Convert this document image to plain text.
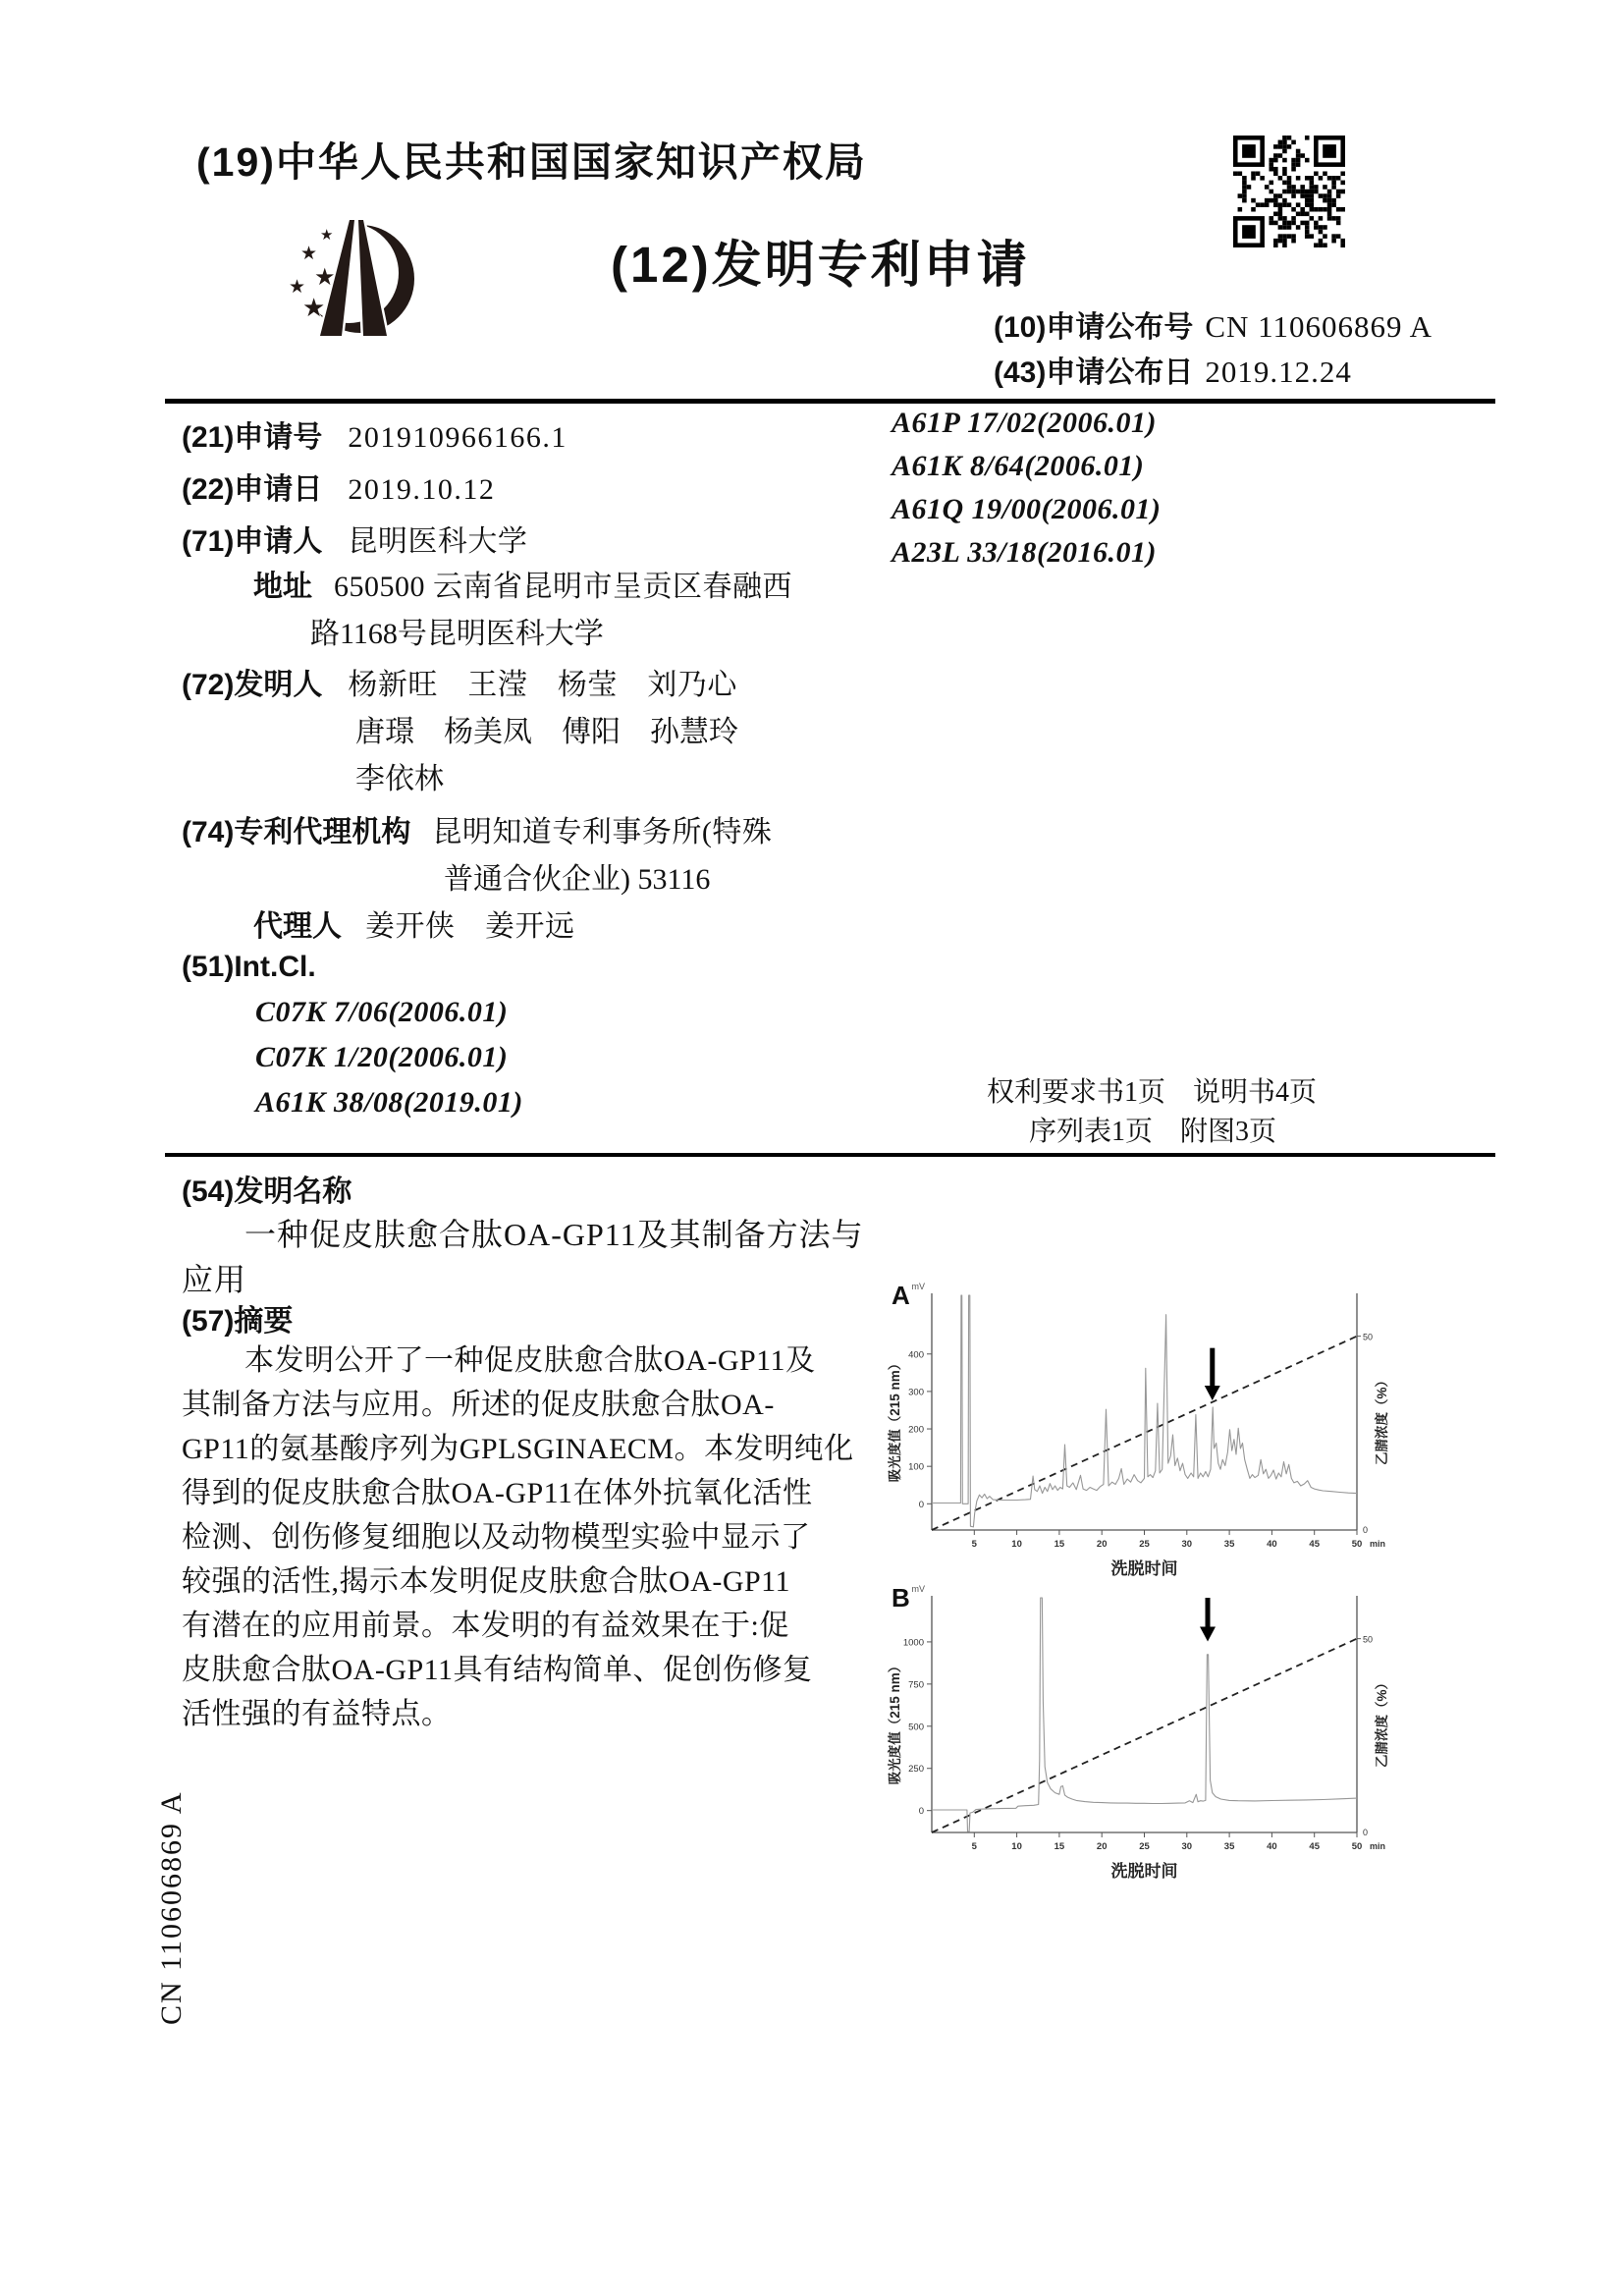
(19)中华人民共和国国家知识产权局
★
★
★
★
★
(12)发明专利申请
(10)申请公布号 CN 110606869 A
(43)申请公布日 2019.12.24
(21)申请号 201910966166.1
(22)申请日 2019.10.12
(71)申请人 昆明医科大学
地址 650500 云南省昆明市呈贡区春融西
路1168号昆明医科大学
(72)发明人 杨新旺　王滢　杨莹　刘乃心
唐璟　杨美凤　傅阳　孙慧玲
李依林
(74)专利代理机构 昆明知道专利事务所(特殊
普通合伙企业) 53116
代理人 姜开侠　姜开远
(51)Int.Cl.
C07K 7/06(2006.01)
C07K 1/20(2006.01)
A61K 38/08(2019.01)
A61P 17/02(2006.01)
A61K 8/64(2006.01)
A61Q 19/00(2006.01)
A23L 33/18(2016.01)
权利要求书1页　说明书4页
序列表1页　附图3页
(54)发明名称
一种促皮肤愈合肽OA-GP11及其制备方法与
应用
(57)摘要
本发明公开了一种促皮肤愈合肽OA-GP11及
其制备方法与应用。所述的促皮肤愈合肽OA-
GP11的氨基酸序列为GPLSGINAECM。本发明纯化
得到的促皮肤愈合肽OA-GP11在体外抗氧化活性
检测、创伤修复细胞以及动物模型实验中显示了
较强的活性,揭示本发明促皮肤愈合肽OA-GP11
有潜在的应用前景。本发明的有益效果在于:促
皮肤愈合肽OA-GP11具有结构简单、促创伤修复
活性强的有益特点。
A mV
0
100
200
300
400
5	10	15	20	25	30	35	40	45	50 min
50
0
吸光度值（215 nm）	乙腈浓度（%）
洗脱时间
B mV
0
250
500
750
1000
5	10	15	20	25	30	35	40	45	50 min
50
0
吸光度值（215 nm）	乙腈浓度（%）
洗脱时间
CN 110606869 A
